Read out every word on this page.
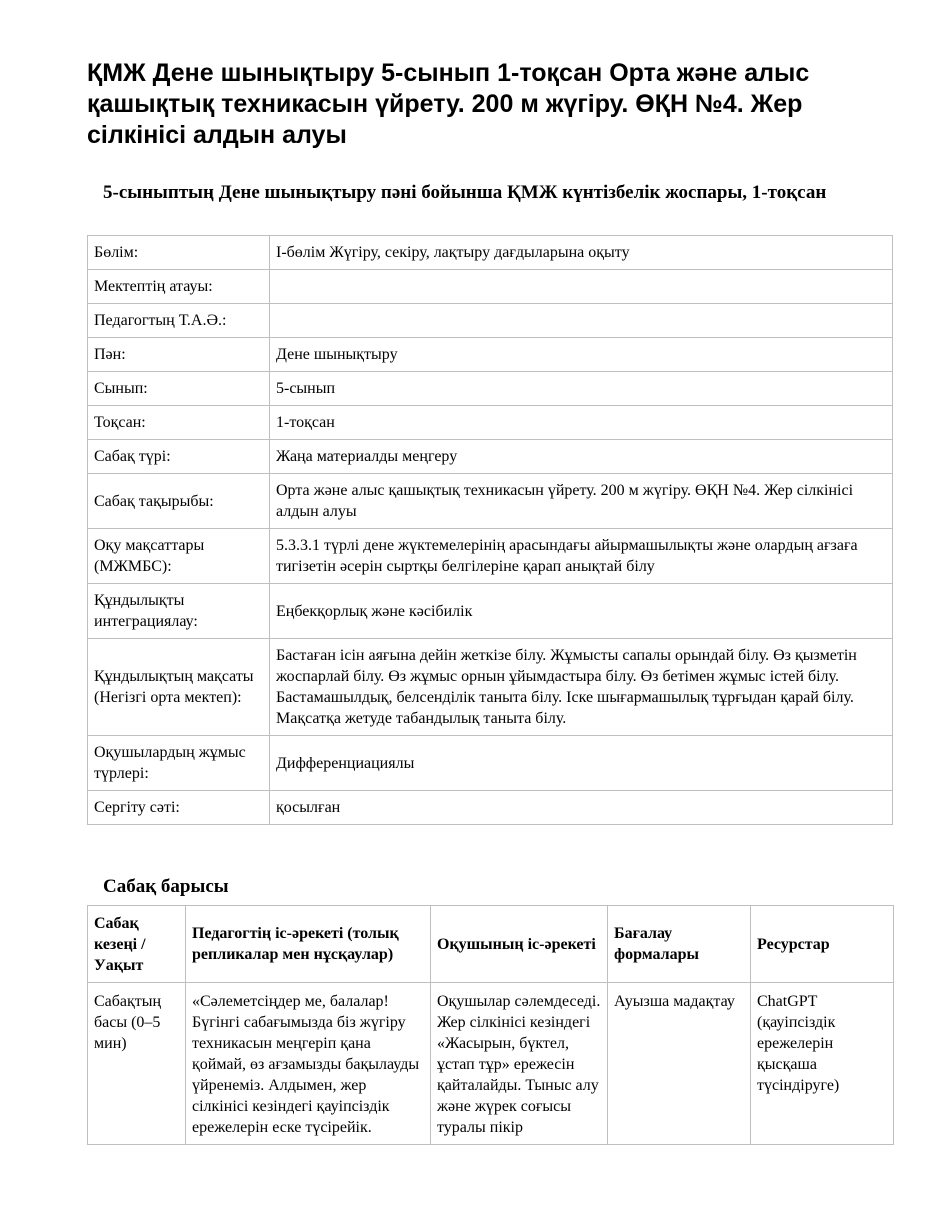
ҚМЖ Дене шынықтыру 5-сынып 1-тоқсан Орта және алыс қашықтық техникасын үйрету. 200 м жүгіру. ӨҚН №4. Жер сілкінісі алдын алуы
5-сыныптың Дене шынықтыру пәні бойынша ҚМЖ күнтізбелік жоспары, 1-тоқсан
Бөлім:	I-бөлім Жүгіру, секіру, лақтыру дағдыларына оқыту
Мектептің атауы:	
Педагогтың Т.А.Ә.:	
Пән:	Дене шынықтыру
Сынып:	5-сынып
Тоқсан:	1-тоқсан
Сабақ түрі:	Жаңа материалды меңгеру
Сабақ тақырыбы:	Орта және алыс қашықтық техникасын үйрету. 200 м жүгіру. ӨҚН №4. Жер сілкінісі алдын алуы
Оқу мақсаттары (МЖМБС):	5.3.3.1 түрлі дене жүктемелерінің арасындағы айырмашылықты және олардың ағзаға тигізетін әсерін сыртқы белгілеріне қарап анықтай білу
Құндылықты интеграциялау:	Еңбекқорлық және кәсібилік
Құндылықтың мақсаты (Негізгі орта мектеп):	Бастаған ісін аяғына дейін жеткізе білу. Жұмысты сапалы орындай білу. Өз қызметін жоспарлай білу. Өз жұмыс орнын ұйымдастыра білу. Өз бетімен жұмыс істей білу. Бастамашылдық, белсенділік таныта білу. Іске шығармашылық тұрғыдан қарай білу. Мақсатқа жетуде табандылық таныта білу.
Оқушылардың жұмыс түрлері:	Дифференциациялы
Сергіту сәті:	қосылған
Сабақ барысы
Сабақ кезеңі / Уақыт	Педагогтің іс-әрекеті (толық репликалар мен нұсқаулар)	Оқушының іс-әрекеті	Бағалау формалары	Ресурстар
Сабақтың басы (0–5 мин)	«Сәлеметсіңдер ме, балалар! Бүгінгі сабағымызда біз жүгіру техникасын меңгеріп қана қоймай, өз ағзамызды бақылауды үйренеміз. Алдымен, жер сілкінісі кезіндегі қауіпсіздік ережелерін еске түсірейік.	Оқушылар сәлемдеседі. Жер сілкінісі кезіндегі «Жасырын, бүктел, ұстап тұр» ережесін қайталайды. Тыныс алу және жүрек соғысы туралы пікір	Ауызша мадақтау	ChatGPT (қауіпсіздік ережелерін қысқаша түсіндіруге)
